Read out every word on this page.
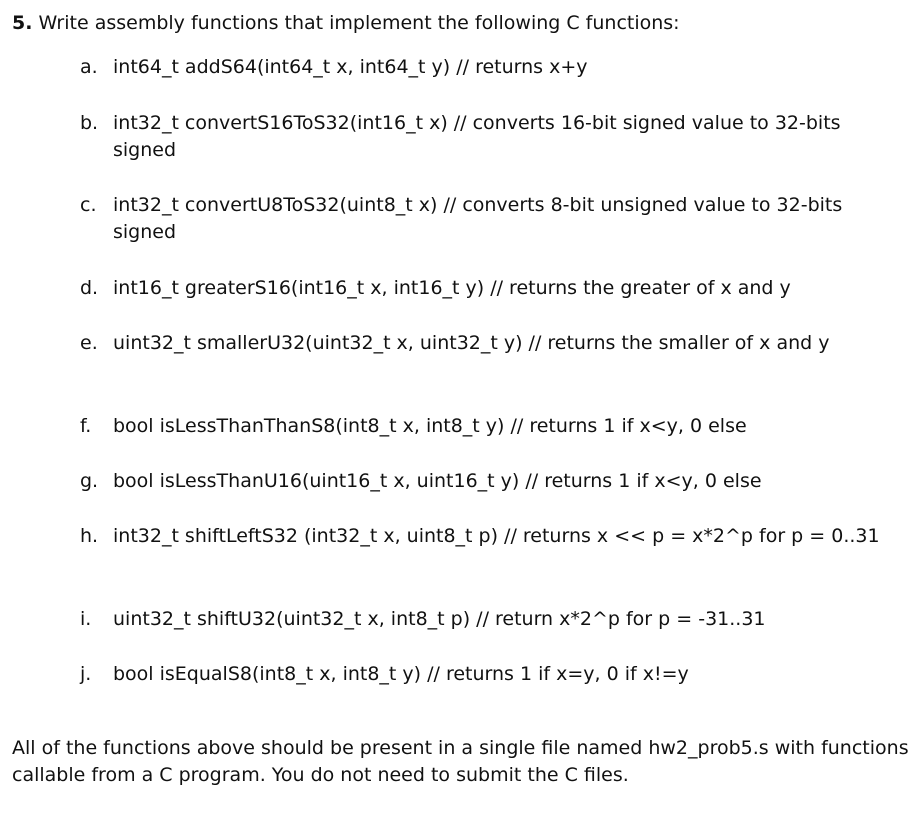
5. Write assembly functions that implement the following C functions:
a. int64_t addS64(int64_t x, int64_t y) // returns x+y
b. int32_t convertS16ToS32(int16_t x) // converts 16-bit signed value to 32-bits signed
c. int32_t convertU8ToS32(uint8_t x) // converts 8-bit unsigned value to 32-bits signed
d. int16_t greaterS16(int16_t x, int16_t y) // returns the greater of x and y
e. uint32_t smallerU32(uint32_t x, uint32_t y) // returns the smaller of x and y
f.	bool isLessThanThanS8(int8_t x, int8_t y) // returns 1 if x<y, 0 else
g. bool isLessThanU16(uint16_t x, uint16_t y) // returns 1 if x<y, 0 else
h. int32_t shiftLeftS32 (int32_t x, uint8_t p) // returns x << p = x*2^p for p = 0..31
i.	uint32_t shiftU32(uint32_t x, int8_t p) // return x*2^p for p = -31..31
j.	bool isEqualS8(int8_t x, int8_t y) // returns 1 if x=y, 0 if x!=y
All of the functions above should be present in a single file named hw2_prob5.s with functions callable from a C program. You do not need to submit the C files.
